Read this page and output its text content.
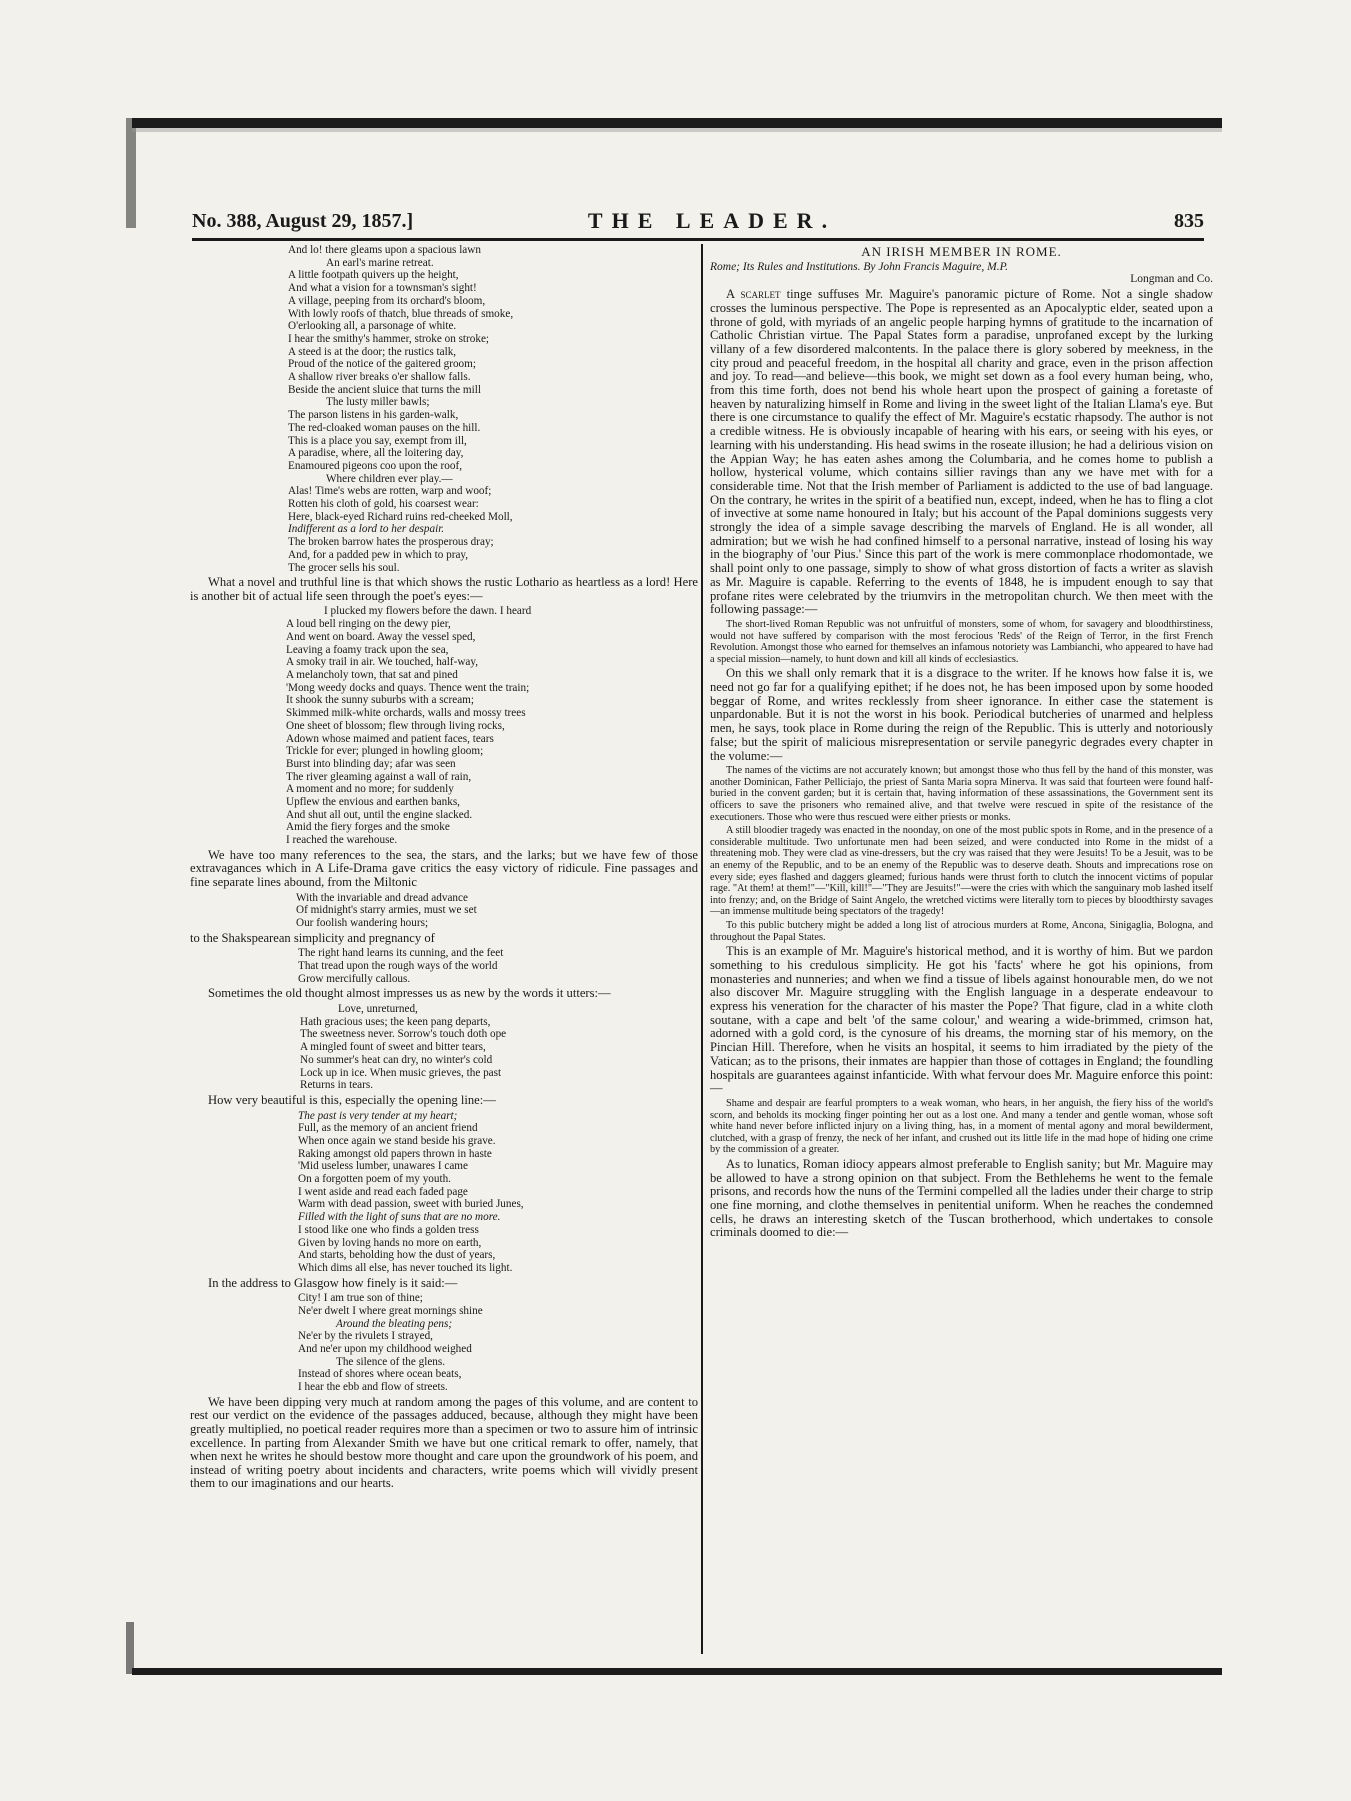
No. 388, August 29, 1857.]	THE LEADER.	835
And lo! there gleams upon a spacious lawn
An earl's marine retreat.
A little footpath quivers up the height,
And what a vision for a townsman's sight!
A village, peeping from its orchard's bloom,
With lowly roofs of thatch, blue threads of smoke,
O'erlooking all, a parsonage of white.
I hear the smithy's hammer, stroke on stroke;
A steed is at the door; the rustics talk,
Proud of the notice of the gaitered groom;
A shallow river breaks o'er shallow falls.
Beside the ancient sluice that turns the mill
The lusty miller bawls;
The parson listens in his garden-walk,
The red-cloaked woman pauses on the hill.
This is a place you say, exempt from ill,
A paradise, where, all the loitering day,
Enamoured pigeons coo upon the roof,
Where children ever play.—
Alas! Time's webs are rotten, warp and woof;
Rotten his cloth of gold, his coarsest wear:
Here, black-eyed Richard ruins red-cheeked Moll,
Indifferent as a lord to her despair.
The broken barrow hates the prosperous dray;
And, for a padded pew in which to pray,
The grocer sells his soul.

What a novel and truthful line is that which shows the rustic Lothario as heartless as a lord! Here is another bit of actual life seen through the poet's eyes:—

I plucked my flowers before the dawn. I heard
A loud bell ringing on the dewy pier,
And went on board. Away the vessel sped,
Leaving a foamy track upon the sea,
A smoky trail in air. We touched, half-way,
A melancholy town, that sat and pined
'Mong weedy docks and quays. Thence went the train;
It shook the sunny suburbs with a scream;
Skimmed milk-white orchards, walls and mossy trees
One sheet of blossom; flew through living rocks,
Adown whose maimed and patient faces, tears
Trickle for ever; plunged in howling gloom;
Burst into blinding day; afar was seen
The river gleaming against a wall of rain,
A moment and no more; for suddenly
Upflew the envious and earthen banks,
And shut all out, until the engine slacked.
Amid the fiery forges and the smoke
I reached the warehouse.

We have too many references to the sea, the stars, and the larks; but we have few of those extravagances which in A Life-Drama gave critics the easy victory of ridicule. Fine passages and fine separate lines abound, from the Miltonic

With the invariable and dread advance
Of midnight's starry armies, must we set
Our foolish wandering hours;

to the Shakspearean simplicity and pregnancy of

The right hand learns its cunning, and the feet
That tread upon the rough ways of the world
Grow mercifully callous.

Sometimes the old thought almost impresses us as new by the words it utters:—

Love, unreturned,
Hath gracious uses; the keen pang departs,
The sweetness never. Sorrow's touch doth ope
A mingled fount of sweet and bitter tears,
No summer's heat can dry, no winter's cold
Lock up in ice. When music grieves, the past
Returns in tears.

How very beautiful is this, especially the opening line:—

The past is very tender at my heart;
Full, as the memory of an ancient friend
When once again we stand beside his grave.
Raking amongst old papers thrown in haste
'Mid useless lumber, unawares I came
On a forgotten poem of my youth.
I went aside and read each faded page
Warm with dead passion, sweet with buried Junes,
Filled with the light of suns that are no more.
I stood like one who finds a golden tress
Given by loving hands no more on earth,
And starts, beholding how the dust of years,
Which dims all else, has never touched its light.

In the address to Glasgow how finely is it said:—

City! I am true son of thine;
Ne'er dwelt I where great mornings shine
Around the bleating pens;
Ne'er by the rivulets I strayed,
And ne'er upon my childhood weighed
The silence of the glens.
Instead of shores where ocean beats,
I hear the ebb and flow of streets.

We have been dipping very much at random among the pages of this volume, and are content to rest our verdict on the evidence of the passages adduced, because, although they might have been greatly multiplied, no poetical reader requires more than a specimen or two to assure him of intrinsic excellence. In parting from Alexander Smith we have but one critical remark to offer, namely, that when next he writes he should bestow more thought and care upon the groundwork of his poem, and instead of writing poetry about incidents and characters, write poems which will vividly present them to our imaginations and our hearts.

AN IRISH MEMBER IN ROME.
Rome; Its Rules and Institutions. By John Francis Maguire, M.P.
Longman and Co.

A scarlet tinge suffuses Mr. Maguire's panoramic picture of Rome. Not a single shadow crosses the luminous perspective. The Pope is represented as an Apocalyptic elder, seated upon a throne of gold, with myriads of an angelic people harping hymns of gratitude to the incarnation of Catholic Christian virtue. The Papal States form a paradise, unprofaned except by the lurking villany of a few disordered malcontents. In the palace there is glory sobered by meekness, in the city proud and peaceful freedom, in the hospital all charity and grace, even in the prison affection and joy. To read—and believe—this book, we might set down as a fool every human being, who, from this time forth, does not bend his whole heart upon the prospect of gaining a foretaste of heaven by naturalizing himself in Rome and living in the sweet light of the Italian Llama's eye. But there is one circumstance to qualify the effect of Mr. Maguire's ecstatic rhapsody. The author is not a credible witness. He is obviously incapable of hearing with his ears, or seeing with his eyes, or learning with his understanding. His head swims in the roseate illusion; he had a delirious vision on the Appian Way; he has eaten ashes among the Columbaria, and he comes home to publish a hollow, hysterical volume, which contains sillier ravings than any we have met with for a considerable time. Not that the Irish member of Parliament is addicted to the use of bad language. On the contrary, he writes in the spirit of a beatified nun, except, indeed, when he has to fling a clot of invective at some name honoured in Italy; but his account of the Papal dominions suggests very strongly the idea of a simple savage describing the marvels of England. He is all wonder, all admiration; but we wish he had confined himself to a personal narrative, instead of losing his way in the biography of 'our Pius.' Since this part of the work is mere commonplace rhodomontade, we shall point only to one passage, simply to show of what gross distortion of facts a writer as slavish as Mr. Maguire is capable. Referring to the events of 1848, he is impudent enough to say that profane rites were celebrated by the triumvirs in the metropolitan church. We then meet with the following passage:—

The short-lived Roman Republic was not unfruitful of monsters, some of whom, for savagery and bloodthirstiness, would not have suffered by comparison with the most ferocious 'Reds' of the Reign of Terror, in the first French Revolution. Amongst those who earned for themselves an infamous notoriety was Lambianchi, who appeared to have had a special mission—namely, to hunt down and kill all kinds of ecclesiastics.

On this we shall only remark that it is a disgrace to the writer. If he knows how false it is, we need not go far for a qualifying epithet; if he does not, he has been imposed upon by some hooded beggar of Rome, and writes recklessly from sheer ignorance. In either case the statement is unpardonable. But it is not the worst in his book. Periodical butcheries of unarmed and helpless men, he says, took place in Rome during the reign of the Republic. This is utterly and notoriously false; but the spirit of malicious misrepresentation or servile panegyric degrades every chapter in the volume:—

The names of the victims are not accurately known; but amongst those who thus fell by the hand of this monster, was another Dominican, Father Pelliciajo, the priest of Santa Maria sopra Minerva. It was said that fourteen were found half-buried in the convent garden; but it is certain that, having information of these assassinations, the Government sent its officers to save the prisoners who remained alive, and that twelve were rescued in spite of the resistance of the executioners. Those who were thus rescued were either priests or monks.

A still bloodier tragedy was enacted in the noonday, on one of the most public spots in Rome, and in the presence of a considerable multitude. Two unfortunate men had been seized, and were conducted into Rome in the midst of a threatening mob. They were clad as vine-dressers, but the cry was raised that they were Jesuits! To be a Jesuit, was to be an enemy of the Republic, and to be an enemy of the Republic was to deserve death. Shouts and imprecations rose on every side; eyes flashed and daggers gleamed; furious hands were thrust forth to clutch the innocent victims of popular rage. "At them! at them!"—"Kill, kill!"—"They are Jesuits!"—were the cries with which the sanguinary mob lashed itself into frenzy; and, on the Bridge of Saint Angelo, the wretched victims were literally torn to pieces by bloodthirsty savages—an immense multitude being spectators of the tragedy!

To this public butchery might be added a long list of atrocious murders at Rome, Ancona, Sinigaglia, Bologna, and throughout the Papal States.

This is an example of Mr. Maguire's historical method, and it is worthy of him. But we pardon something to his credulous simplicity. He got his 'facts' where he got his opinions, from monasteries and nunneries; and when we find a tissue of libels against honourable men, do we not also discover Mr. Maguire struggling with the English language in a desperate endeavour to express his veneration for the character of his master the Pope? That figure, clad in a white cloth soutane, with a cape and belt 'of the same colour,' and wearing a wide-brimmed, crimson hat, adorned with a gold cord, is the cynosure of his dreams, the morning star of his memory, on the Pincian Hill. Therefore, when he visits an hospital, it seems to him irradiated by the piety of the Vatican; as to the prisons, their inmates are happier than those of cottages in England; the foundling hospitals are guarantees against infanticide. With what fervour does Mr. Maguire enforce this point:—

Shame and despair are fearful prompters to a weak woman, who hears, in her anguish, the fiery hiss of the world's scorn, and beholds its mocking finger pointing her out as a lost one. And many a tender and gentle woman, whose soft white hand never before inflicted injury on a living thing, has, in a moment of mental agony and moral bewilderment, clutched, with a grasp of frenzy, the neck of her infant, and crushed out its little life in the mad hope of hiding one crime by the commission of a greater.

As to lunatics, Roman idiocy appears almost preferable to English sanity; but Mr. Maguire may be allowed to have a strong opinion on that subject. From the Bethlehems he went to the female prisons, and records how the nuns of the Termini compelled all the ladies under their charge to strip one fine morning, and clothe themselves in penitential uniform. When he reaches the condemned cells, he draws an interesting sketch of the Tuscan brotherhood, which undertakes to console criminals doomed to die:—
